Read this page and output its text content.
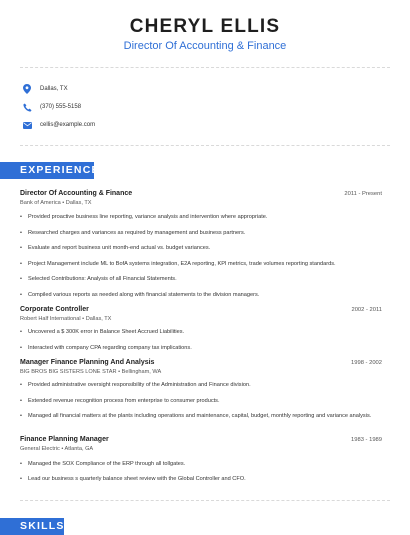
CHERYL ELLIS
Director Of Accounting & Finance
Dallas, TX
(370) 555-5158
cellis@example.com
EXPERIENCE
Director Of Accounting & Finance	2011 - Present
Bank of America • Dallas, TX
•	Provided proactive business line reporting, variance analysis and intervention where appropriate.
•	Researched charges and variances as required by management and business partners.
•	Evaluate and report business unit month-end actual vs. budget variances.
•	Project Management include ML to BofA systems integration, E2A reporting, KPI metrics, trade volumes reporting standards.
•	Selected Contributions: Analysis of all Financial Statements.
•	Compiled various reports as needed along with financial statements to the division managers.
Corporate Controller	2002 - 2011
Robert Half International • Dallas, TX
•	Uncovered a $ 300K error in Balance Sheet Accrued Liabilities.
•	Interacted with company CPA regarding company tax implications.
Manager Finance Planning And Analysis	1998 - 2002
BIG BROS BIG SISTERS LONE STAR • Bellingham, WA
•	Provided administrative oversight responsibility of the Administration and Finance division.
•	Extended revenue recognition process from enterprise to consumer products.
•	Managed all financial matters at the plants including operations and maintenance, capital, budget, monthly reporting and variance analysis.
Finance Planning Manager	1983 - 1989
General Electric • Atlanta, GA
•	Managed the SOX Compliance of the ERP through all tollgates.
•	Lead our business s quarterly balance sheet review with the Global Controller and CFO.
SKILLS
